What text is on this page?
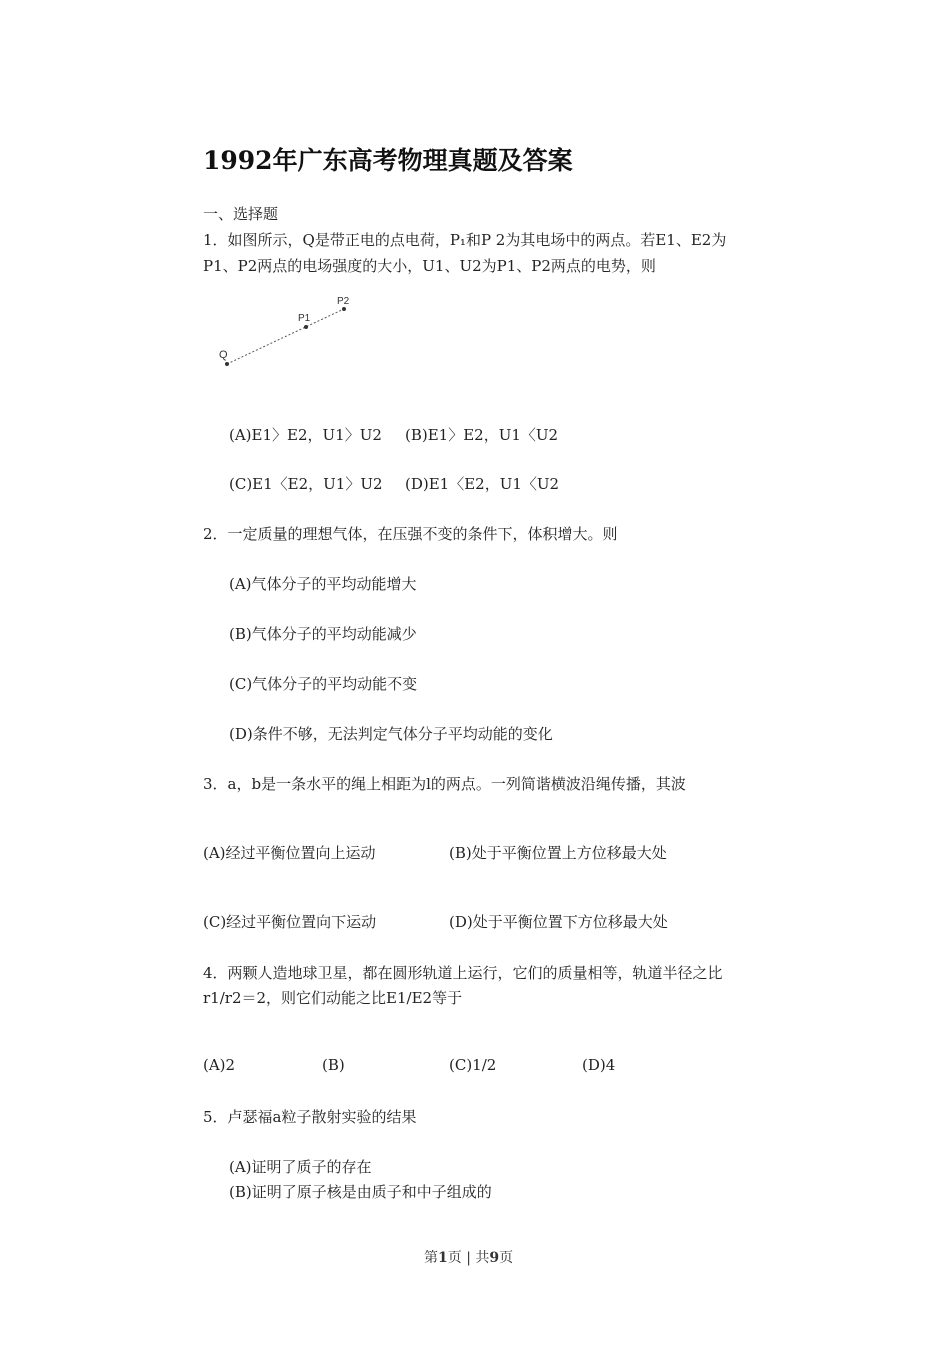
1992年广东高考物理真题及答案
一、选择题
1．如图所示，Q是带正电的点电荷，P₁和P 2为其电场中的两点。若E1、E2为
P1、P2两点的电场强度的大小，U1、U2为P1、P2两点的电势，则
Q
P1
P2
(A)E1〉E2，U1〉U2 (B)E1〉E2，U1〈U2
(C)E1〈E2，U1〉U2 (D)E1〈E2，U1〈U2
2．一定质量的理想气体，在压强不变的条件下，体积增大。则
(A)气体分子的平均动能增大
(B)气体分子的平均动能减少
(C)气体分子的平均动能不变
(D)条件不够，无法判定气体分子平均动能的变化
3．a，b是一条水平的绳上相距为l的两点。一列简谐横波沿绳传播，其波
(A)经过平衡位置向上运动	(B)处于平衡位置上方位移最大处
(C)经过平衡位置向下运动	(D)处于平衡位置下方位移最大处
4．两颗人造地球卫星，都在圆形轨道上运行，它们的质量相等，轨道半径之比
r1/r2＝2，则它们动能之比E1/E2等于
(A)2	(B)	(C)1/2	(D)4
5．卢瑟福a粒子散射实验的结果
(A)证明了质子的存在
(B)证明了原子核是由质子和中子组成的
第1页 | 共9页
